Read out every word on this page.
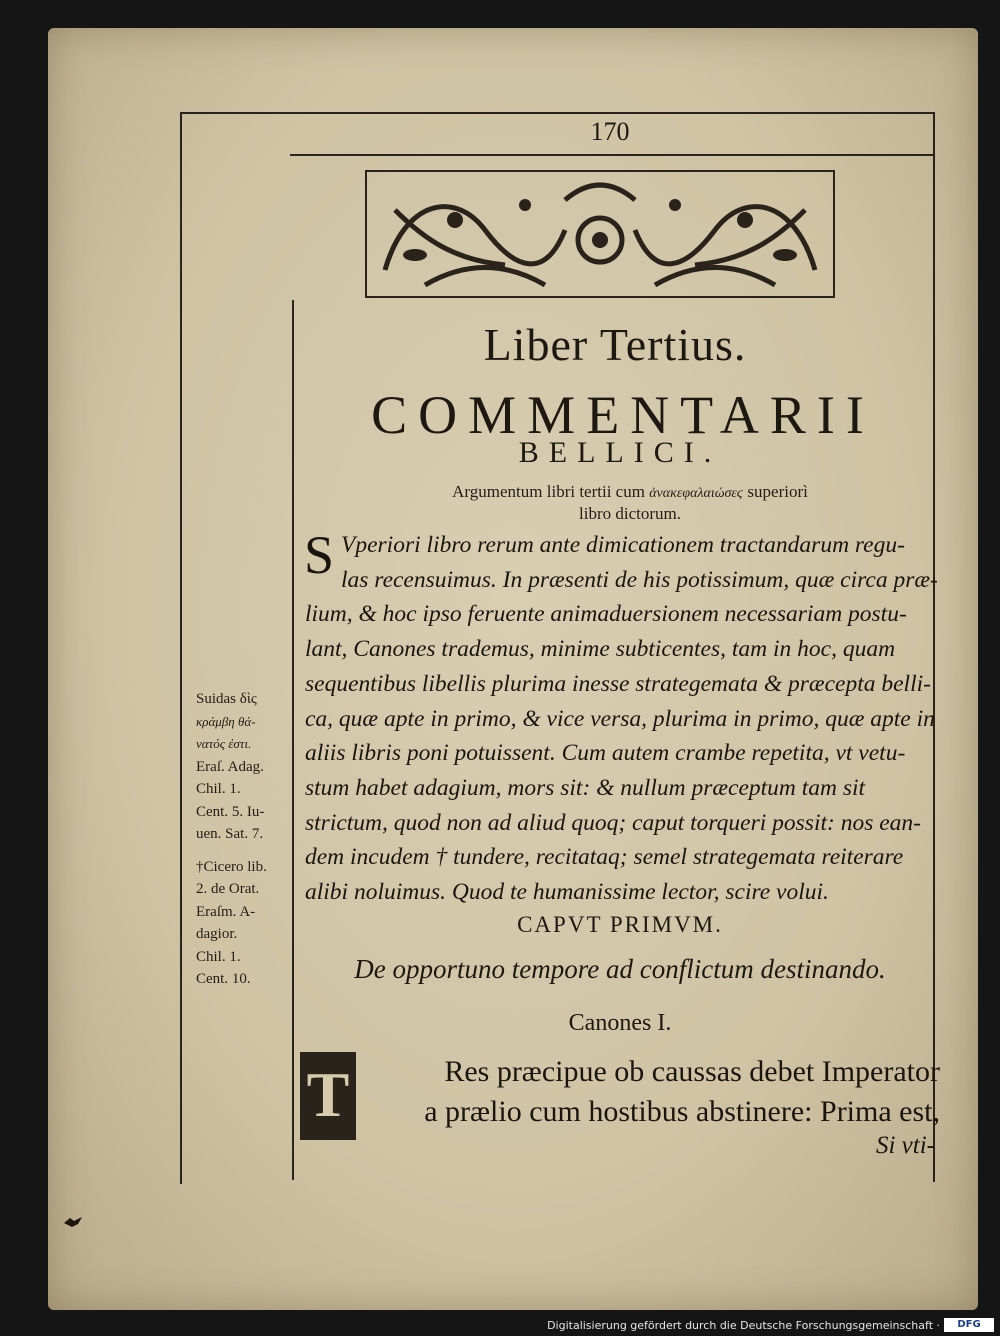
170
Liber Tertius.
COMMENTARII
BELLICI.
Argumentum libri tertii cum ἀνακεφαλαιώσεϛ superiorì
libro dictorum.
S Vperiori libro rerum ante dimicationem tractandarum regu-
las recensuimus. In præsenti de his potissimum, quæ circa præ-
lium, & hoc ipso feruente animaduersionem necessariam postu-
lant, Canones trademus, minime subticentes, tam in hoc, quam
sequentibus libellis plurima inesse strategemata & præcepta belli-
ca, quæ apte in primo, & vice versa, plurima in primo, quæ apte in
aliis libris poni potuissent. Cum autem crambe repetita, vt vetu-
stum habet adagium, mors sit: & nullum præceptum tam sit
strictum, quod non ad aliud quoq; caput torqueri possit: nos ean-
dem incudem † tundere, recitataq; semel strategemata reiterare
alibi noluimus. Quod te humanissime lector, scire volui.
Suidas δὶς
κράμβη θά-
νατός ἐστι.
Eraſ. Adag.
Chil. 1.
Cent. 5. Iu-
uen. Sat. 7.
†Cicero lib.
2. de Orat.
Eraſm. A-
dagior.
Chil. 1.
Cent. 10.
CAPVT PRIMVM.
De opportuno tempore ad conflictum destinando.
Canones I.
T	Res præcipue ob caussas debet Imperator
a prælio cum hostibus abstinere: Prima est,
Si vti-
Digitalisierung gefördert durch die Deutsche Forschungsgemeinschaft ·	DFG
